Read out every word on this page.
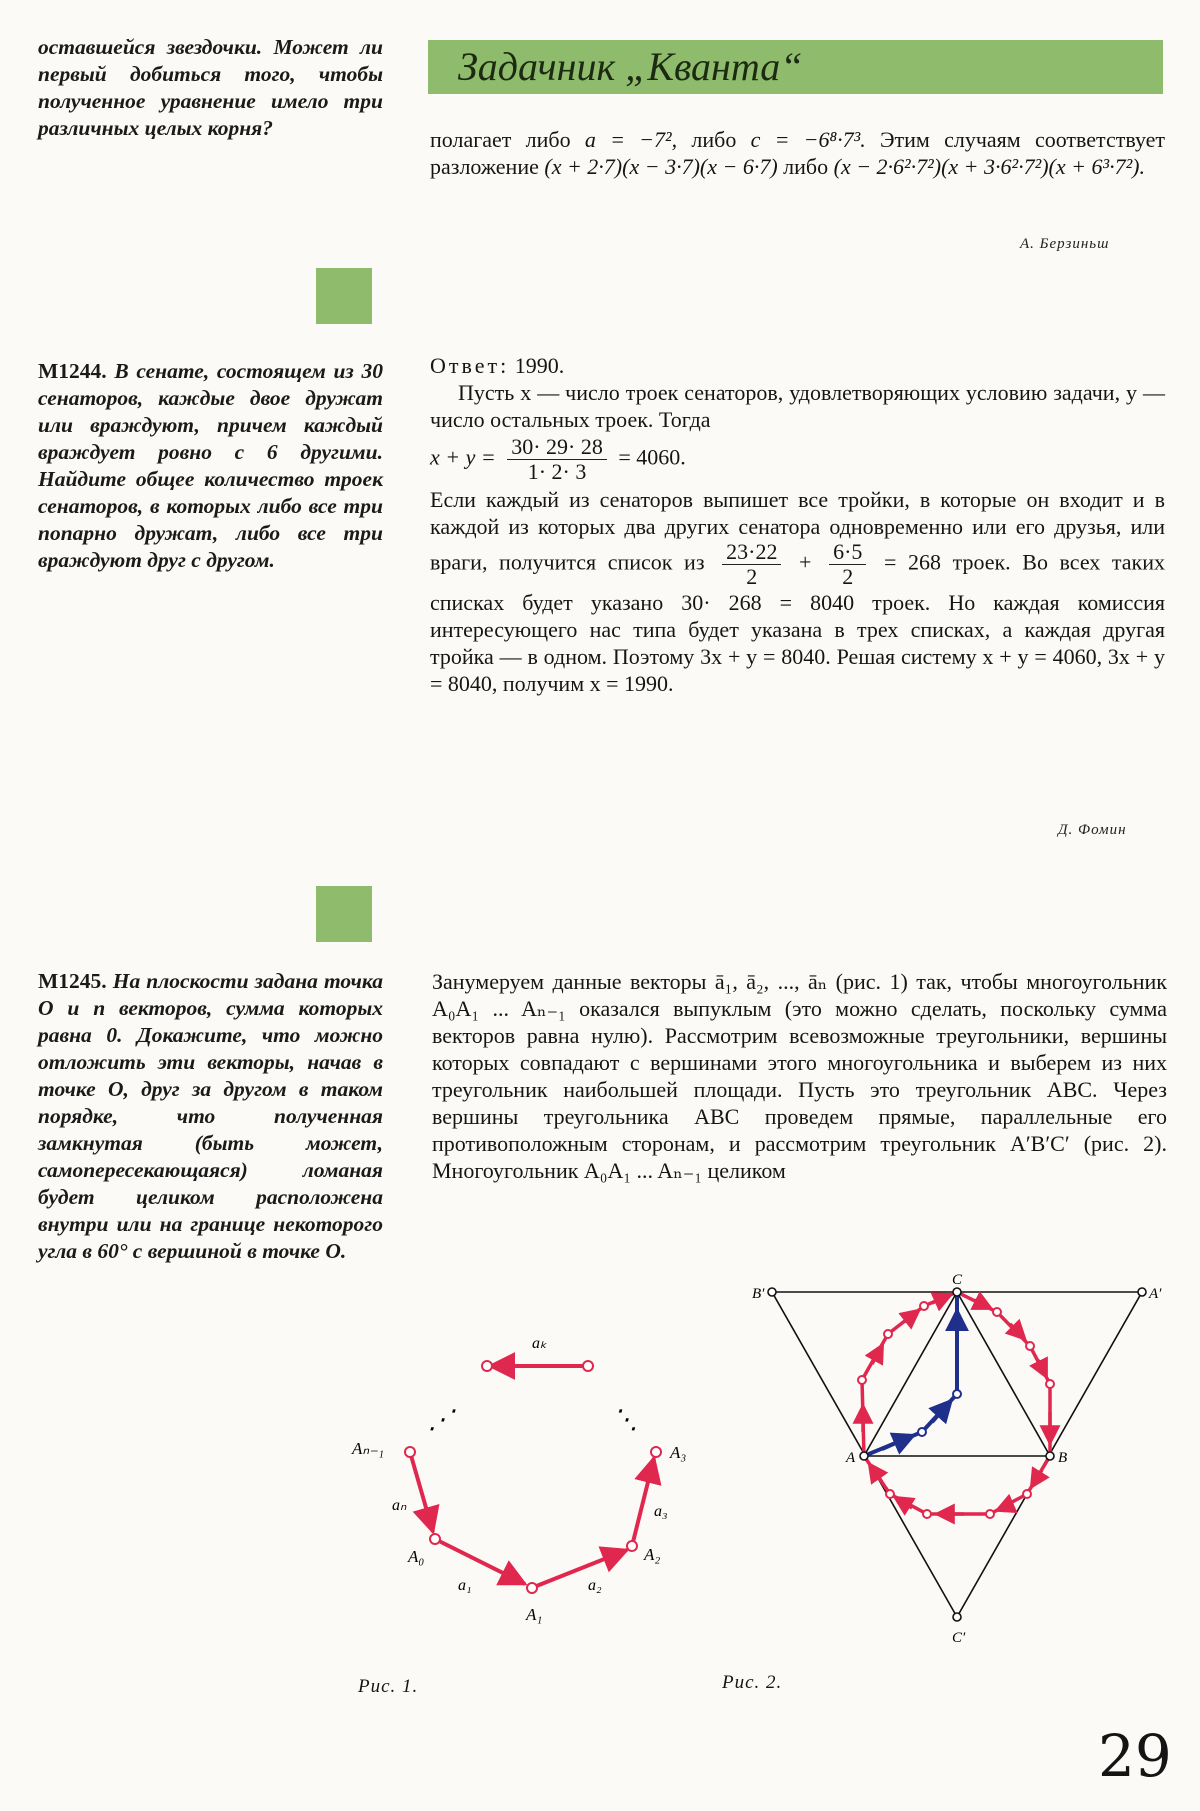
Задачник „Кванта“
оставшейся звездочки. Может ли первый добиться того, чтобы полученное уравнение имело три различных целых корня?	полагает либо a = −7², либо c = −6⁸·7³. Этим случаям соответствует разложение (x + 2·7)(x − 3·7)(x − 6·7) либо (x − 2·6²·7²)(x + 3·6²·7²)(x + 6³·7²).
А. Берзиньш
М1244. В сенате, состоящем из 30 сенаторов, каждые двое дружат или враждуют, причем каждый враждует ровно с 6 другими. Найдите общее количество троек сенаторов, в которых либо все три попарно дружат, либо все три враждуют друг с другом.
Ответ: 1990.
Пусть x — число троек сенаторов, удовлетворяющих условию задачи, y — число остальных троек. Тогда
$x + y = \frac{30\cdot 29\cdot 28}{1\cdot 2\cdot 3} = 4060$.
Если каждый из сенаторов выпишет все тройки, в которые он входит и в каждой из которых два других сенатора одновременно или его друзья, или враги, получится список из $\frac{23\cdot 22}{2} + \frac{6\cdot 5}{2} = 268$ троек. Во всех таких списках будет указано 30· 268 = 8040 троек. Но каждая комиссия интересующего нас типа будет указана в трех списках, а каждая другая тройка — в одном. Поэтому 3x + y = 8040. Решая систему x + y = 4060, 3x + y = 8040, получим x = 1990.
Д. Фомин
М1245. На плоскости задана точка O и n векторов, сумма которых равна 0. Докажите, что можно отложить эти векторы, начав в точке O, друг за другом в таком порядке, что полученная замкнутая (быть может, самопересекающаяся) ломаная будет целиком расположена внутри или на границе некоторого угла в 60° с вершиной в точке O.
Занумеруем данные векторы ā₁, ā₂, ..., āₙ (рис. 1) так, чтобы многоугольник A₀A₁ ... Aₙ₋₁ оказался выпуклым (это можно сделать, поскольку сумма векторов равна нулю). Рассмотрим всевозможные треугольники, вершины которых совпадают с вершинами этого многоугольника и выберем из них треугольник наибольшей площади. Пусть это треугольник ABC. Через вершины треугольника ABC проведем прямые, параллельные его противоположным сторонам, и рассмотрим треугольник A′B′C′ (рис. 2). Многоугольник A₀A₁ ... Aₙ₋₁ целиком
aₖ
⋰	⋱
Aₙ₋₁
aₙ
A₀
a₁
A₁
a₂
A₂
a₃
A₃
Рис. 1.
B′
C
A′
A	B
C′
Рис. 2.
29
